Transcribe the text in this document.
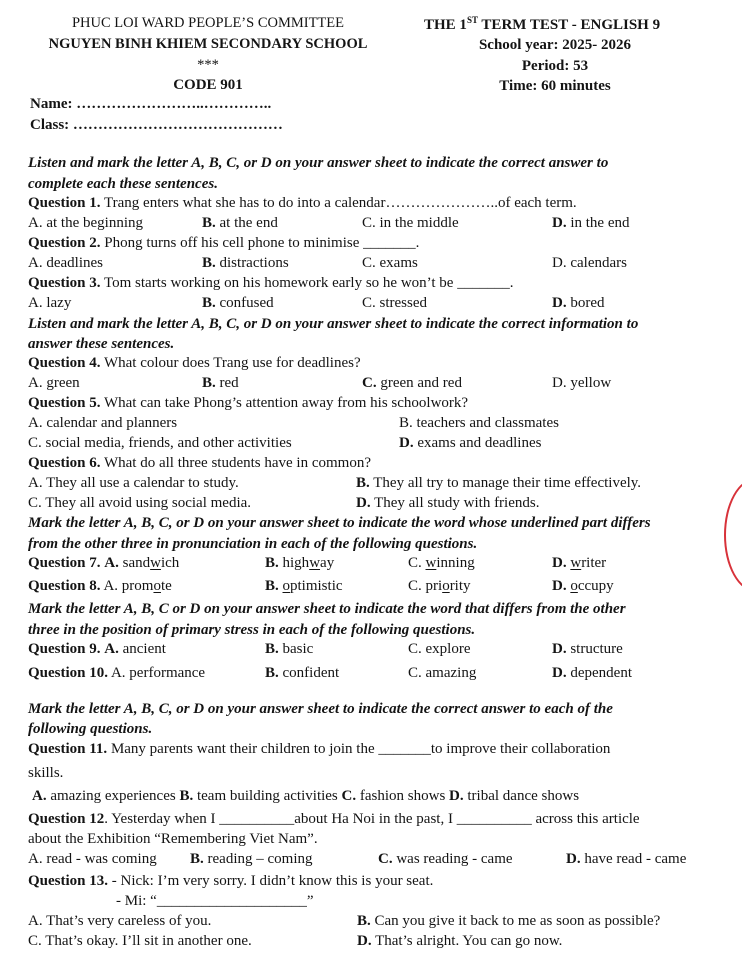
PHUC LOI WARD PEOPLE’S COMMITTEE
NGUYEN BINH KHIEM SECONDARY SCHOOL
***
CODE 901
THE 1ST TERM TEST - ENGLISH 9
School year: 2025- 2026
Period: 53
Time: 60 minutes
Name: ……………………..…………..
Class: ……………………………………
Listen and mark the letter A, B, C, or D on your answer sheet to indicate the correct answer to
complete each these sentences.
Question 1. Trang enters what she has to do into a calendar…………………..of each term.
A. at the beginning	B. at the end	C. in the middle	D. in the end
Question 2. Phong turns off his cell phone to minimise _______.
A. deadlines	B. distractions	C. exams	D. calendars
Question 3. Tom starts working on his homework early so he won’t be _______.
A. lazy	B. confused	C. stressed	D. bored
Listen and mark the letter A, B, C, or D on your answer sheet to indicate the correct information to
answer these sentences.
Question 4. What colour does Trang use for deadlines?
A. green	B. red	C. green and red	D. yellow
Question 5. What can take Phong’s attention away from his schoolwork?
A. calendar and planners	B. teachers and classmates
C. social media, friends, and other activities	D. exams and deadlines
Question 6. What do all three students have in common?
A. They all use a calendar to study.	B. They all try to manage their time effectively.
C. They all avoid using social media.	D. They all study with friends.
Mark the letter A, B, C, or D on your answer sheet to indicate the word whose underlined part differs
from the other three in pronunciation in each of the following questions.
Question 7. A. sandwich	B. highway	C. winning	D. writer
Question 8. A. promote	B. optimistic	C. priority	D. occupy
Mark the letter A, B, C or D on your answer sheet to indicate the word that differs from the other
three in the position of primary stress in each of the following questions.
Question 9. A. ancient	B. basic	C. explore	D. structure
Question 10. A. performance	B. confident	C. amazing	D. dependent
Mark the letter A, B, C, or D on your answer sheet to indicate the correct answer to each of the
following questions.
Question 11. Many parents want their children to join the _______to improve their collaboration
skills.
A. amazing experiences B. team building activities C. fashion shows D. tribal dance shows
Question 12. Yesterday when I __________about Ha Noi in the past, I __________ across this article
about the Exhibition “Remembering Viet Nam”.
A. read - was coming B. reading – coming	C. was reading - came	D. have read - came
Question 13. - Nick: I’m very sorry. I didn’t know this is your seat.
- Mi: “____________________”
A. That’s very careless of you.	B. Can you give it back to me as soon as possible?
C. That’s okay. I’ll sit in another one.	D. That’s alright. You can go now.
